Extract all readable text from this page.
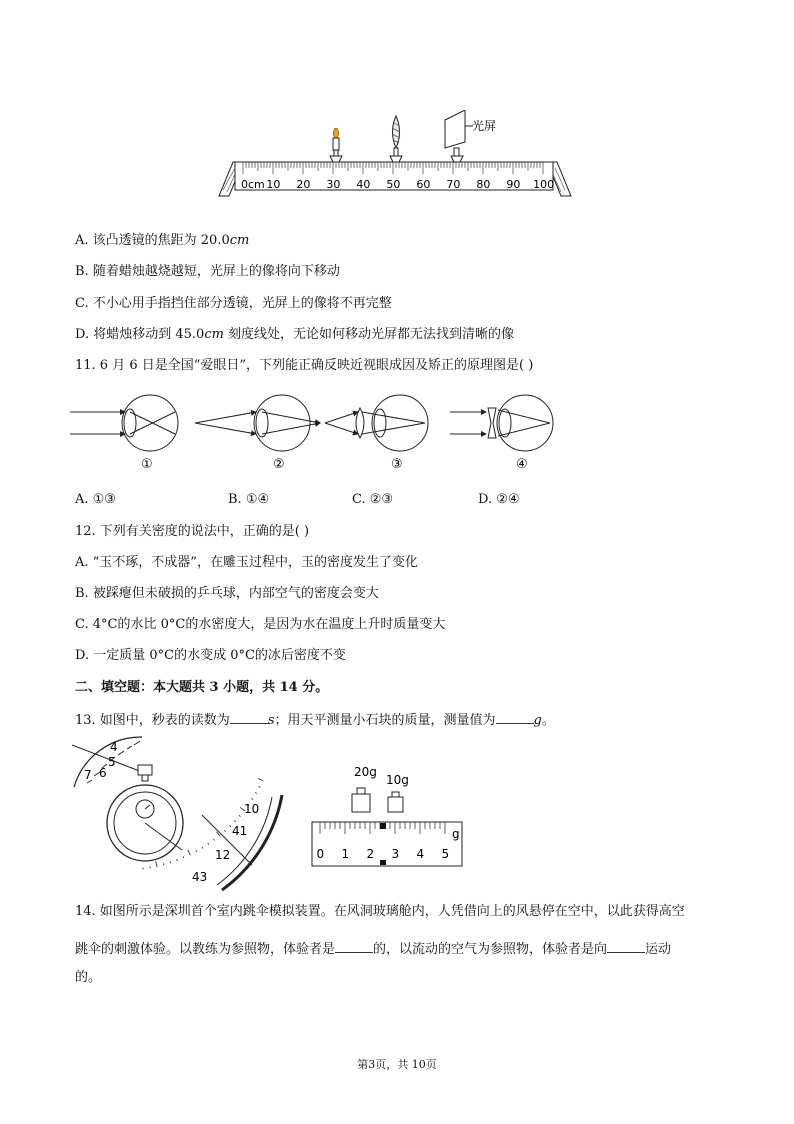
光屏
0cm 10 20 30 40 50 60 70 80 90 100
A. 该凸透镜的焦距为 20.0cm
B. 随着蜡烛越烧越短，光屏上的像将向下移动
C. 不小心用手指挡住部分透镜，光屏上的像将不再完整
D. 将蜡烛移动到 45.0cm 刻度线处，无论如何移动光屏都无法找到清晰的像
11. 6 月 6 日是全国“爱眼日”，下列能正确反映近视眼成因及矫正的原理图是( )
①	②	③	④
A. ①③	B. ①④	C. ②③	D. ②④
12. 下列有关密度的说法中，正确的是( )
A. “玉不琢，不成器”，在雕玉过程中，玉的密度发生了变化
B. 被踩瘪但未破损的乒乓球，内部空气的密度会变大
C. 4°C的水比 0°C的水密度大，是因为水在温度上升时质量变大
D. 一定质量 0°C的水变成 0°C的冰后密度不变
二、填空题：本大题共 3 小题，共 14 分。
13. 如图中，秒表的读数为	s；用天平测量小石块的质量，测量值为	g。
4
5
6
7
10
41
12
43
20g
10g
0 1 2 3 4 5
g
14. 如图所示是深圳首个室内跳伞模拟装置。在风洞玻璃舱内，人凭借向上的风悬停在空中，以此获得高空
跳伞的刺激体验。以教练为参照物，体验者是	的，以流动的空气为参照物，体验者是向	运动
的。
第3页，共 10页
